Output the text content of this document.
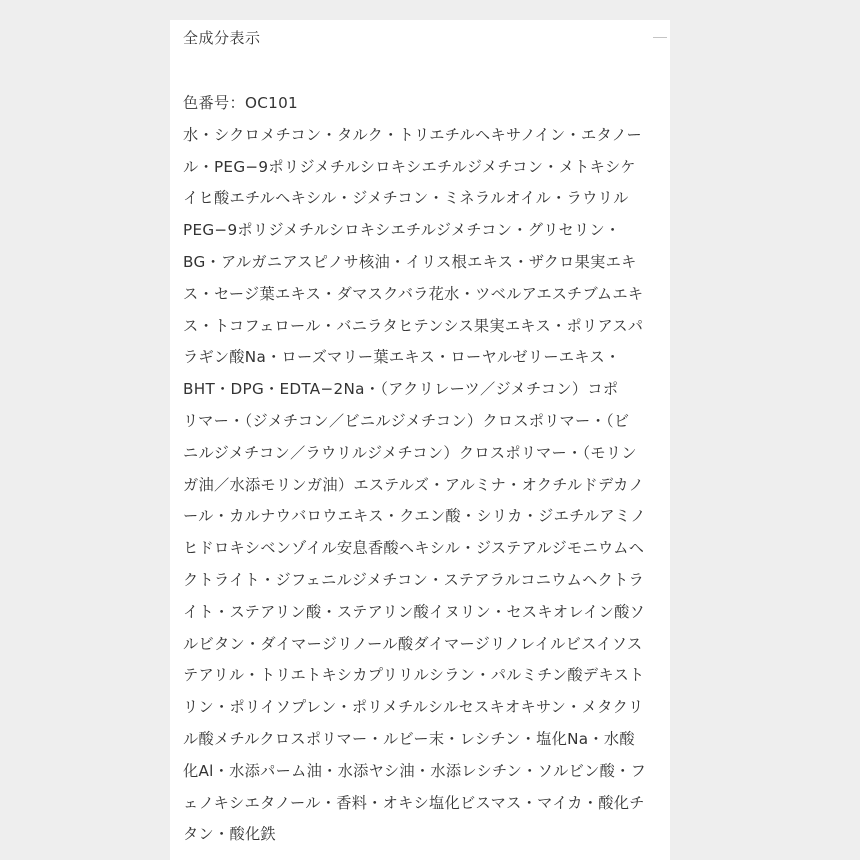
全成分表示
色番号：OC101
水・シクロメチコン・タルク・トリエチルヘキサノイン・エタノー
ル・PEG−9ポリジメチルシロキシエチルジメチコン・メトキシケ
イヒ酸エチルヘキシル・ジメチコン・ミネラルオイル・ラウリル
PEG−9ポリジメチルシロキシエチルジメチコン・グリセリン・
BG・アルガニアスピノサ核油・イリス根エキス・ザクロ果実エキ
ス・セージ葉エキス・ダマスクバラ花水・ツベルアエスチブムエキ
ス・トコフェロール・バニラタヒテンシス果実エキス・ポリアスパ
ラギン酸Na・ローズマリー葉エキス・ローヤルゼリーエキス・
BHT・DPG・EDTA−2Na・（アクリレーツ／ジメチコン）コポ
リマー・（ジメチコン／ビニルジメチコン）クロスポリマー・（ビ
ニルジメチコン／ラウリルジメチコン）クロスポリマー・（モリン
ガ油／水添モリンガ油）エステルズ・アルミナ・オクチルドデカノ
ール・カルナウバロウエキス・クエン酸・シリカ・ジエチルアミノ
ヒドロキシベンゾイル安息香酸ヘキシル・ジステアルジモニウムヘ
クトライト・ジフェニルジメチコン・ステアラルコニウムヘクトラ
イト・ステアリン酸・ステアリン酸イヌリン・セスキオレイン酸ソ
ルビタン・ダイマージリノール酸ダイマージリノレイルビスイソス
テアリル・トリエトキシカプリリルシラン・パルミチン酸デキスト
リン・ポリイソプレン・ポリメチルシルセスキオキサン・メタクリ
ル酸メチルクロスポリマー・ルビー末・レシチン・塩化Na・水酸
化Al・水添パーム油・水添ヤシ油・水添レシチン・ソルビン酸・フ
ェノキシエタノール・香料・オキシ塩化ビスマス・マイカ・酸化チ
タン・酸化鉄
